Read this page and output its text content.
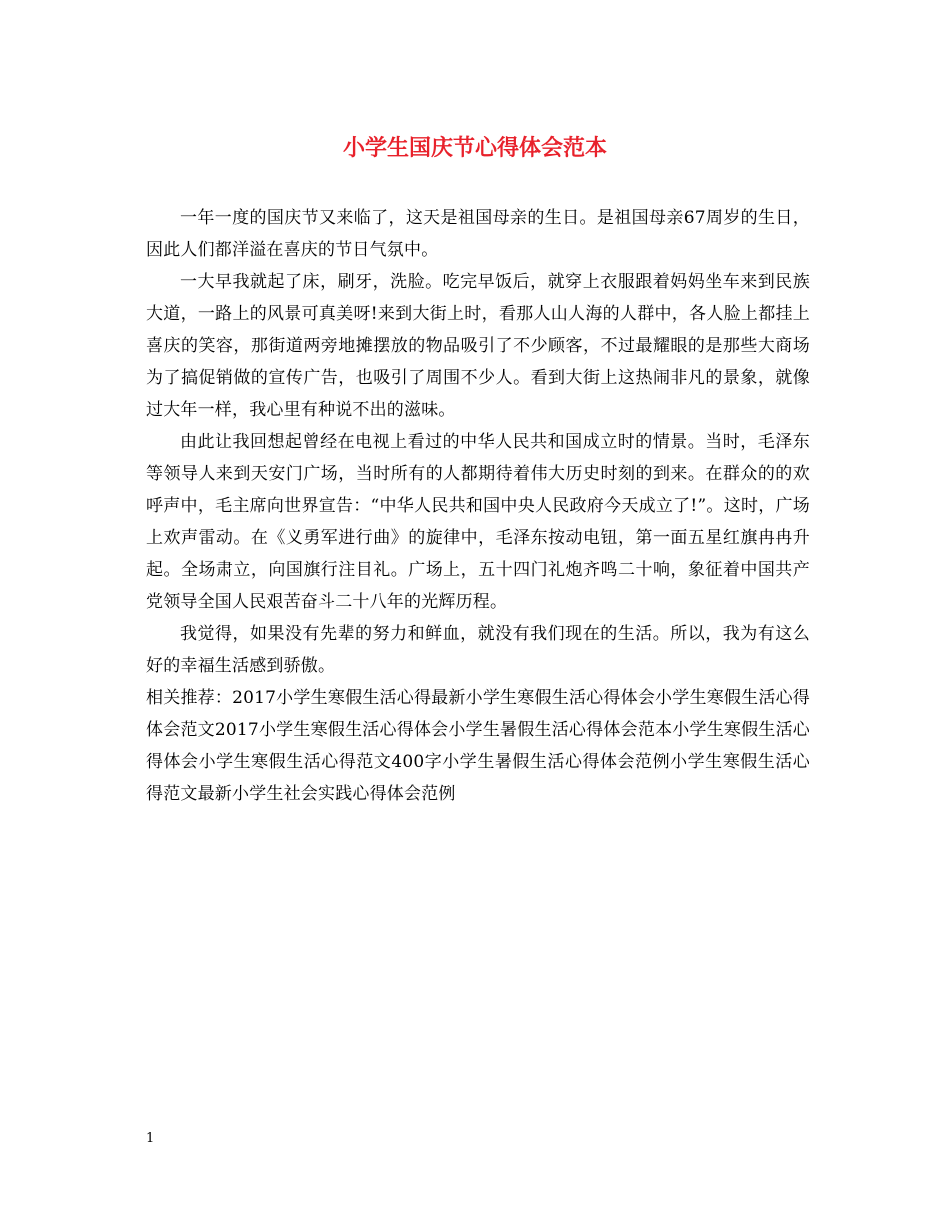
小学生国庆节心得体会范本

一年一度的国庆节又来临了，这天是祖国母亲的生日。是祖国母亲67周岁的生日，因此人们都洋溢在喜庆的节日气氛中。

一大早我就起了床，刷牙，洗脸。吃完早饭后，就穿上衣服跟着妈妈坐车来到民族大道，一路上的风景可真美呀!来到大街上时，看那人山人海的人群中，各人脸上都挂上喜庆的笑容，那街道两旁地摊摆放的物品吸引了不少顾客，不过最耀眼的是那些大商场为了搞促销做的宣传广告，也吸引了周围不少人。看到大街上这热闹非凡的景象，就像过大年一样，我心里有种说不出的滋味。

由此让我回想起曾经在电视上看过的中华人民共和国成立时的情景。当时，毛泽东等领导人来到天安门广场，当时所有的人都期待着伟大历史时刻的到来。在群众的的欢呼声中，毛主席向世界宣告：“中华人民共和国中央人民政府今天成立了!”。这时，广场上欢声雷动。在《义勇军进行曲》的旋律中，毛泽东按动电钮，第一面五星红旗冉冉升起。全场肃立，向国旗行注目礼。广场上，五十四门礼炮齐鸣二十响，象征着中国共产党领导全国人民艰苦奋斗二十八年的光辉历程。

我觉得，如果没有先辈的努力和鲜血，就没有我们现在的生活。所以，我为有这么好的幸福生活感到骄傲。

相关推荐：2017小学生寒假生活心得最新小学生寒假生活心得体会小学生寒假生活心得体会范文2017小学生寒假生活心得体会小学生暑假生活心得体会范本小学生寒假生活心得体会小学生寒假生活心得范文400字小学生暑假生活心得体会范例小学生寒假生活心得范文最新小学生社会实践心得体会范例

1
